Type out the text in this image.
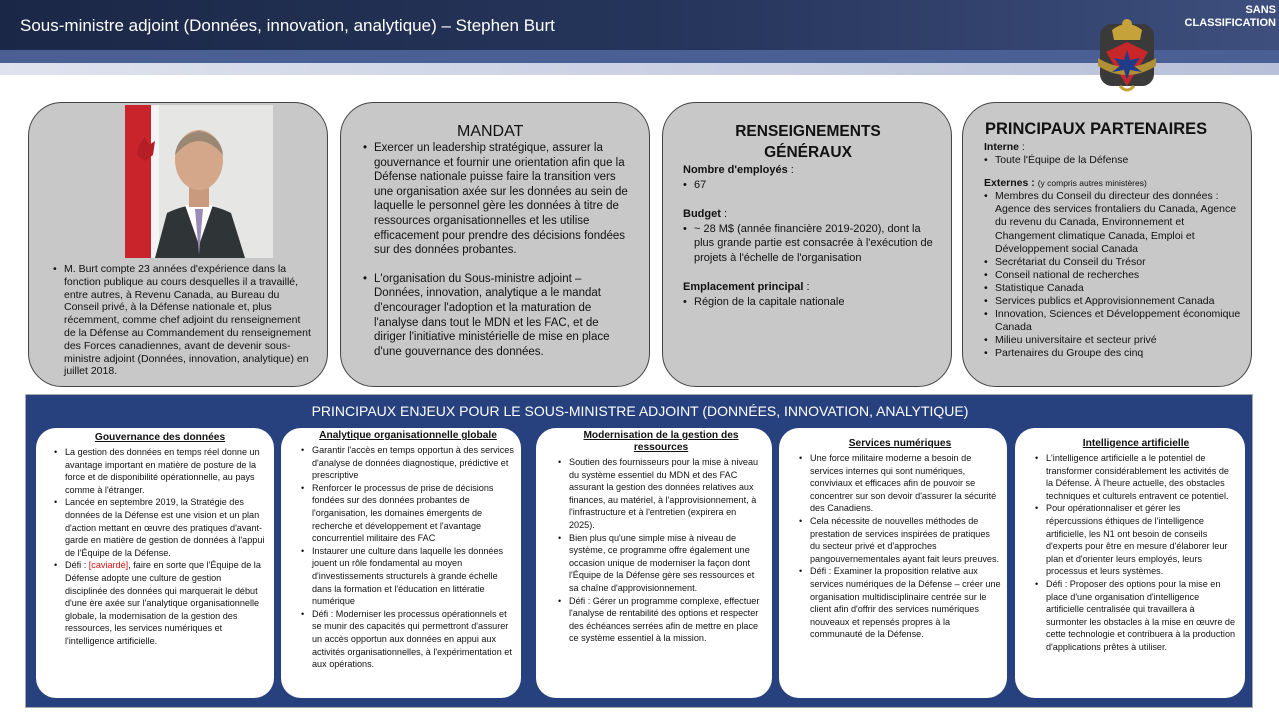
Sous-ministre adjoint (Données, innovation, analytique) – Stephen Burt
SANS
CLASSIFICATION
• M. Burt compte 23 années d'expérience dans la fonction publique au cours desquelles il a travaillé, entre autres, à Revenu Canada, au Bureau du Conseil privé, à la Défense nationale et, plus récemment, comme chef adjoint du renseignement de la Défense au Commandement du renseignement des Forces canadiennes, avant de devenir sous-ministre adjoint (Données, innovation, analytique) en juillet 2018.
MANDAT
• Exercer un leadership stratégique, assurer la gouvernance et fournir une orientation afin que la Défense nationale puisse faire la transition vers une organisation axée sur les données au sein de laquelle le personnel gère les données à titre de ressources organisationnelles et les utilise efficacement pour prendre des décisions fondées sur des données probantes.
• L'organisation du Sous-ministre adjoint – Données, innovation, analytique a le mandat d'encourager l'adoption et la maturation de l'analyse dans tout le MDN et les FAC, et de diriger l'initiative ministérielle de mise en place d'une gouvernance des données.
RENSEIGNEMENTS GÉNÉRAUX
Nombre d'employés :
• 67
Budget :
• ~ 28 M$ (année financière 2019-2020), dont la plus grande partie est consacrée à l'exécution de projets à l'échelle de l'organisation
Emplacement principal :
• Région de la capitale nationale
PRINCIPAUX PARTENAIRES
Interne :
• Toute l'Équipe de la Défense
Externes : (y compris autres ministères)
• Membres du Conseil du directeur des données : Agence des services frontaliers du Canada, Agence du revenu du Canada, Environnement et Changement climatique Canada, Emploi et Développement social Canada
• Secrétariat du Conseil du Trésor
• Conseil national de recherches
• Statistique Canada
• Services publics et Approvisionnement Canada
• Innovation, Sciences et Développement économique Canada
• Milieu universitaire et secteur privé
• Partenaires du Groupe des cinq
PRINCIPAUX ENJEUX POUR LE SOUS-MINISTRE ADJOINT (DONNÉES, INNOVATION, ANALYTIQUE)
Gouvernance des données
• La gestion des données en temps réel donne un avantage important en matière de posture de la force et de disponibilité opérationnelle, au pays comme à l'étranger.
• Lancée en septembre 2019, la Stratégie des données de la Défense est une vision et un plan d'action mettant en œuvre des pratiques d'avant-garde en matière de gestion de données à l'appui de l'Équipe de la Défense.
• Défi : [caviardé], faire en sorte que l'Équipe de la Défense adopte une culture de gestion disciplinée des données qui marquerait le début d'une ère axée sur l'analytique organisationnelle globale, la modernisation de la gestion des ressources, les services numériques et l'intelligence artificielle.
Analytique organisationnelle globale
• Garantir l'accès en temps opportun à des services d'analyse de données diagnostique, prédictive et prescriptive
• Renforcer le processus de prise de décisions fondées sur des données probantes de l'organisation, les domaines émergents de recherche et développement et l'avantage concurrentiel militaire des FAC
• Instaurer une culture dans laquelle les données jouent un rôle fondamental au moyen d'investissements structurels à grande échelle dans la formation et l'éducation en littératie numérique
• Défi : Moderniser les processus opérationnels et se munir des capacités qui permettront d'assurer un accès opportun aux données en appui aux activités organisationnelles, à l'expérimentation et aux opérations.
Modernisation de la gestion des ressources
• Soutien des fournisseurs pour la mise à niveau du système essentiel du MDN et des FAC assurant la gestion des données relatives aux finances, au matériel, à l'approvisionnement, à l'infrastructure et à l'entretien (expirera en 2025).
• Bien plus qu'une simple mise à niveau de système, ce programme offre également une occasion unique de moderniser la façon dont l'Équipe de la Défense gère ses ressources et sa chaîne d'approvisionnement.
• Défi : Gérer un programme complexe, effectuer l'analyse de rentabilité des options et respecter des échéances serrées afin de mettre en place ce système essentiel à la mission.
Services numériques
• Une force militaire moderne a besoin de services internes qui sont numériques, conviviaux et efficaces afin de pouvoir se concentrer sur son devoir d'assurer la sécurité des Canadiens.
• Cela nécessite de nouvelles méthodes de prestation de services inspirées de pratiques du secteur privé et d'approches pangouvernementales ayant fait leurs preuves.
• Défi : Examiner la proposition relative aux services numériques de la Défense – créer une organisation multidisciplinaire centrée sur le client afin d'offrir des services numériques nouveaux et repensés propres à la communauté de la Défense.
Intelligence artificielle
• L'intelligence artificielle a le potentiel de transformer considérablement les activités de la Défense. À l'heure actuelle, des obstacles techniques et culturels entravent ce potentiel.
• Pour opérationnaliser et gérer les répercussions éthiques de l'intelligence artificielle, les N1 ont besoin de conseils d'experts pour être en mesure d'élaborer leur plan et d'orienter leurs employés, leurs processus et leurs systèmes.
• Défi : Proposer des options pour la mise en place d'une organisation d'intelligence artificielle centralisée qui travaillera à surmonter les obstacles à la mise en œuvre de cette technologie et contribuera à la production d'applications prêtes à utiliser.
